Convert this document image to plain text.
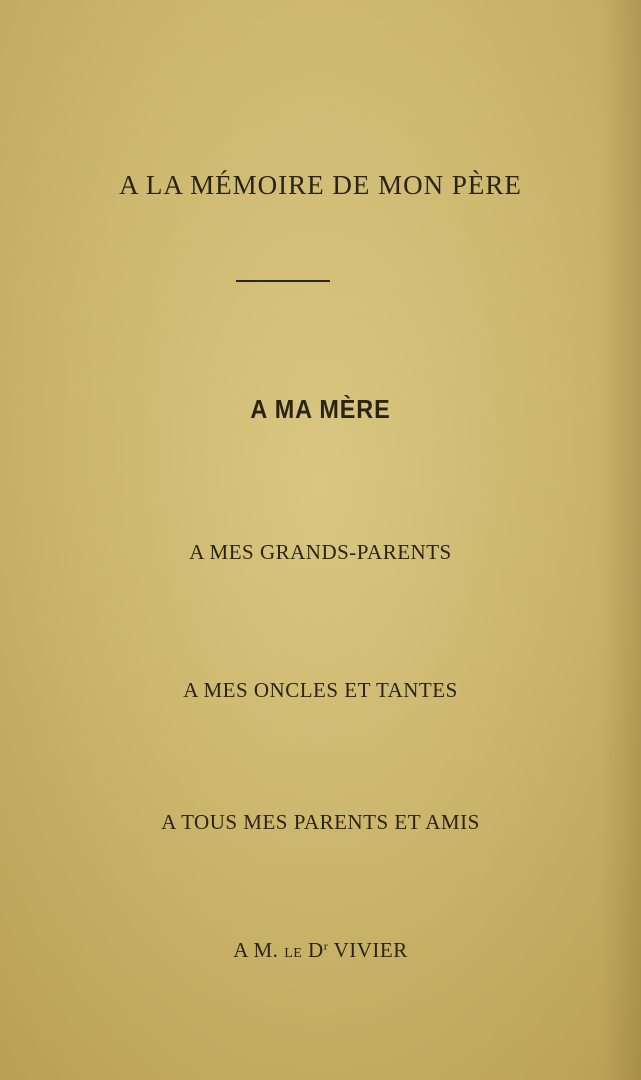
A LA MÉMOIRE DE MON PÈRE
A MA MÈRE
A MES GRANDS-PARENTS
A MES ONCLES ET TANTES
A TOUS MES PARENTS ET AMIS
A M. LE $D^r$ VIVIER
